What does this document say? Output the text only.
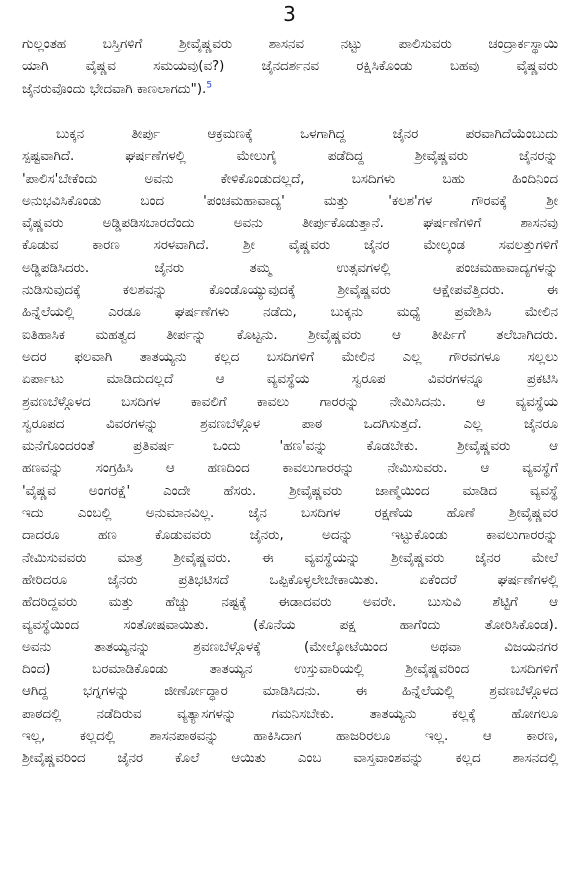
3
ಗುಲ್ಲಂತಹ ಬಸ್ತಿಗಳಿಗೆ ಶ್ರೀವೈಷ್ಣವರು ಶಾಸನವ ನಟ್ಟು ಪಾಲಿಸುವರು ಚಂದ್ರಾರ್ಕಸ್ಥಾಯಿ
ಯಾಗಿ ವೈಷ್ಣವ ಸಮಯವು(ವ?) ಜೈನದರ್ಶನವ ರಕ್ಷಿಸಿಕೊಂಡು ಬಹವು ವೈಷ್ಣವರು
ಜೈನರುವೊಂದು ಭೇದವಾಗಿ ಕಾಣಲಾಗದು").$^5$
ಬುಕ್ಕನ ತೀರ್ಪು ಆಕ್ರಮಣಕ್ಕೆ ಒಳಗಾಗಿದ್ದ ಜೈನರ ಪರವಾಗಿದೆಯೆಂಬುದು
ಸ್ಪಷ್ಟವಾಗಿದೆ. ಘರ್ಷಣೆಗಳಲ್ಲಿ ಮೇಲುಗೈ ಪಡೆದಿದ್ದ ಶ್ರೀವೈಷ್ಣವರು ಜೈನರನ್ನು
'ಪಾಲಿಸ'ಬೇಕೆಂದು ಅವನು ಕೇಳಿಕೊಂಡುದಲ್ಲದೆ, ಬಸದಿಗಳು ಬಹು ಹಿಂದಿನಿಂದ
ಅನುಭವಿಸಿಕೊಂಡು ಬಂದ 'ಪಂಚಮಹಾವಾದ್ಯ' ಮತ್ತು 'ಕಲಶ'ಗಳ ಗೌರವಕ್ಕೆ ಶ್ರೀ
ವೈಷ್ಣವರು ಅಡ್ಡಿಪಡಿಸಬಾರದೆಂದು ಅವನು ತೀರ್ಪುಕೊಡುತ್ತಾನೆ. ಘರ್ಷಣೆಗಳಿಗೆ ಶಾಸನವು
ಕೊಡುವ ಕಾರಣ ಸರಳವಾಗಿದೆ. ಶ್ರೀ ವೈಷ್ಣವರು ಜೈನರ ಮೇಲ್ಕಂಡ ಸವಲತ್ತುಗಳಿಗೆ
ಅಡ್ಡಿಪಡಿಸಿದರು. ಜೈನರು ತಮ್ಮ ಉತ್ಸವಗಳಲ್ಲಿ ಪಂಚಮಹಾವಾದ್ಯಗಳನ್ನು
ನುಡಿಸುವುದಕ್ಕೆ ಕಲಶವನ್ನು ಕೊಂಡೊಯ್ಯುವುದಕ್ಕೆ ಶ್ರೀವೈಷ್ಣವರು ಆಕ್ಷೇಪವೆತ್ತಿದರು. ಈ
ಹಿನ್ನೆಲೆಯಲ್ಲಿ ಎರಡೂ ಘರ್ಷಣೆಗಳು ನಡೆದು, ಬುಕ್ಕನು ಮಧ್ಯೆ ಪ್ರವೇಶಿಸಿ ಮೇಲಿನ
ಐತಿಹಾಸಿಕ ಮಹತ್ವದ ತೀರ್ಪನ್ನು ಕೊಟ್ಟನು. ಶ್ರೀವೈಷ್ಣವರು ಆ ತೀರ್ಪಿಗೆ ತಲೆಬಾಗಿದರು.
ಅದರ ಫಲವಾಗಿ ತಾತಯ್ಯನು ಕಲ್ಲದ ಬಸದಿಗಳಿಗೆ ಮೇಲಿನ ಎಲ್ಲ ಗೌರವಗಳೂ ಸಲ್ಲಲು
ಏರ್ಪಾಟು ಮಾಡಿದುದಲ್ಲದೆ ಆ ವ್ಯವಸ್ಥೆಯ ಸ್ವರೂಪ ವಿವರಗಳನ್ನೂ ಪ್ರಕಟಿಸಿ
ಶ್ರವಣಬೆಳ್ಗೊಳದ ಬಸದಿಗಳ ಕಾವಲಿಗೆ ಕಾವಲು ಗಾರರನ್ನು ನೇಮಿಸಿದನು. ಆ ವ್ಯವಸ್ಥೆಯ
ಸ್ವರೂಪದ ವಿವರಗಳನ್ನು ಶ್ರವಣಬೆಳ್ಗೊಳ ಪಾಠ ಒದಗಿಸುತ್ತದೆ. ಎಲ್ಲ ಜೈನರೂ
ಮನೆಗೊಂದರಂತೆ ಪ್ರತಿವರ್ಷ ಒಂದು 'ಹಣ'ವನ್ನು ಕೊಡಬೇಕು. ಶ್ರೀವೈಷ್ಣವರು ಆ
ಹಣವನ್ನು ಸಂಗ್ರಹಿಸಿ ಆ ಹಣದಿಂದ ಕಾವಲುಗಾರರನ್ನು ನೇಮಿಸುವರು. ಆ ವ್ಯವಸ್ಥೆಗೆ
'ವೈಷ್ಣವ ಅಂಗರಕ್ಷೆ' ಎಂದೇ ಹೆಸರು. ಶ್ರೀವೈಷ್ಣವರು ಜಾಣ್ಮೆಯಿಂದ ಮಾಡಿದ ವ್ಯವಸ್ಥೆ
ಇದು ಎಂಬಲ್ಲಿ ಅನುಮಾನವಿಲ್ಲ. ಜೈನ ಬಸದಿಗಳ ರಕ್ಷಣೆಯ ಹೊಣೆ ಶ್ರೀವೈಷ್ಣವರ
ದಾದರೂ ಹಣ ಕೊಡುವವರು ಜೈನರು, ಅದನ್ನು ಇಟ್ಟುಕೊಂಡು ಕಾವಲುಗಾರರನ್ನು
ನೇಮಿಸುವವರು ಮಾತ್ರ ಶ್ರೀವೈಷ್ಣವರು. ಈ ವ್ಯವಸ್ಥೆಯನ್ನು ಶ್ರೀವೈಷ್ಣವರು ಜೈನರ ಮೇಲೆ
ಹೇರಿದರೂ ಜೈನರು ಪ್ರತಿಭಟಿಸದೆ ಒಪ್ಪಿಕೊಳ್ಳಲೇಬೇಕಾಯಿತು. ಏಕೆಂದರೆ ಘರ್ಷಣೆಗಳಲ್ಲಿ
ಹೆದರಿದ್ದವರು ಮತ್ತು ಹೆಚ್ಚು ನಷ್ಟಕ್ಕೆ ಈಡಾದವರು ಅವರೇ. ಬುಸುವಿ ಶೆಟ್ಟಿಗೆ ಆ
ವ್ಯವಸ್ಥೆಯಿಂದ ಸಂತೋಷವಾಯಿತು. (ಕೊನೆಯ ಪಕ್ಷ ಹಾಗೆಂದು ತೋರಿಸಿಕೊಂಡ).
ಅವನು ತಾತಯ್ಯನನ್ನು ಶ್ರವಣಬೆಳ್ಗೊಳಕ್ಕೆ (ಮೇಲ್ಕೋಟೆಯಿಂದ ಅಥವಾ ವಿಜಯನಗರ
ದಿಂದ) ಬರಮಾಡಿಕೊಂಡು ತಾತಯ್ಯನ ಉಸ್ತುವಾರಿಯಲ್ಲಿ ಶ್ರೀವೈಷ್ಣವರಿಂದ ಬಸದಿಗಳಿಗೆ
ಆಗಿದ್ದ ಭಗ್ನಗಳನ್ನು ಜೀರ್ಣೋದ್ಧಾರ ಮಾಡಿಸಿದನು. ಈ ಹಿನ್ನೆಲೆಯಲ್ಲಿ ಶ್ರವಣಬೆಳ್ಗೊಳದ
ಪಾಠದಲ್ಲಿ ನಡೆದಿರುವ ವ್ಯತ್ಯಾಸಗಳನ್ನು ಗಮನಿಸಬೇಕು. ತಾತಯ್ಯನು ಕಲ್ಲಕ್ಕೆ ಹೋಗಲೂ
ಇಲ್ಲ, ಕಲ್ಲದಲ್ಲಿ ಶಾಸನಪಾಠವನ್ನು ಹಾಕಿಸಿದಾಗ ಹಾಜರಿರಲೂ ಇಲ್ಲ. ಆ ಕಾರಣ,
ಶ್ರೀವೈಷ್ಣವರಿಂದ ಜೈನರ ಕೊಲೆ ಆಯಿತು ಎಂಬ ವಾಸ್ತವಾಂಶವನ್ನು ಕಲ್ಲದ ಶಾಸನದಲ್ಲಿ
